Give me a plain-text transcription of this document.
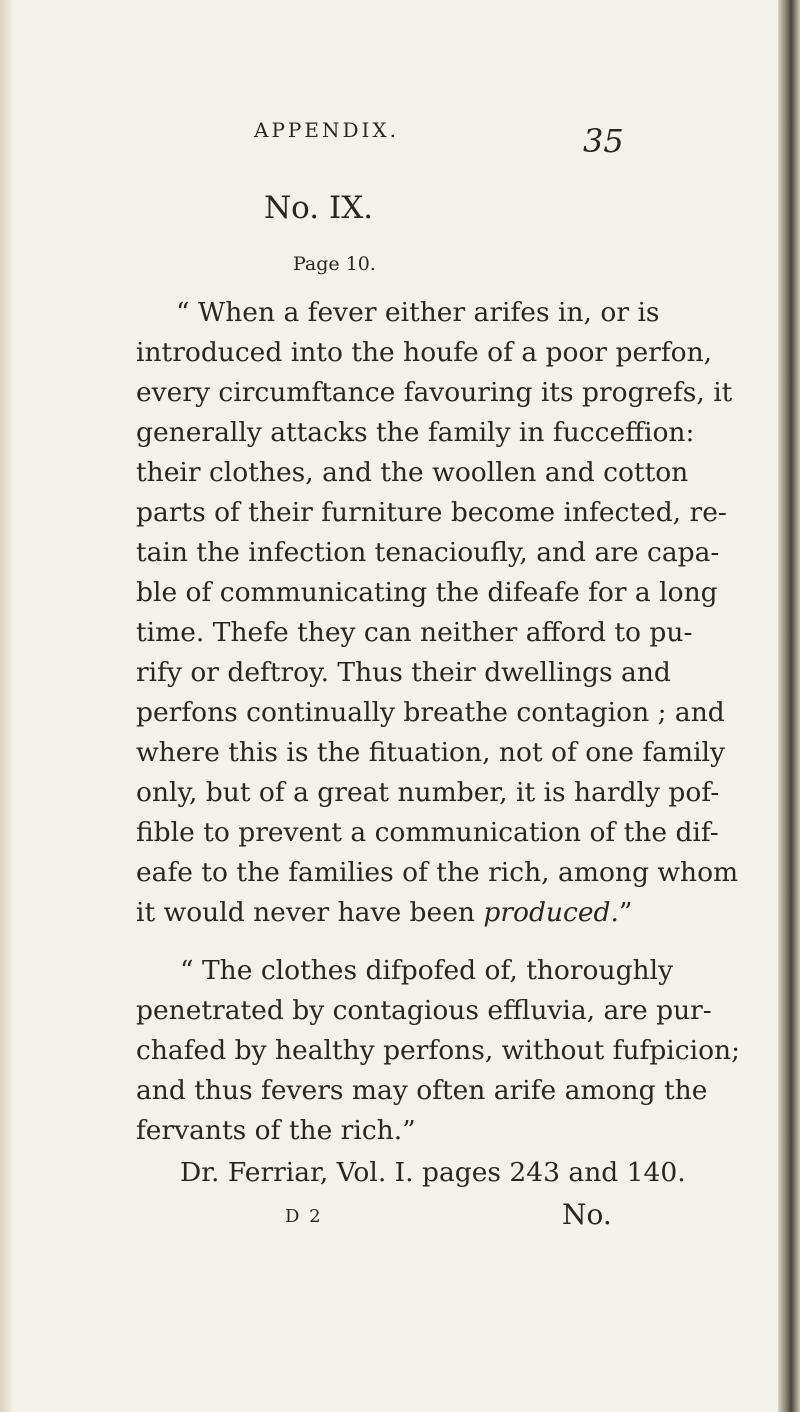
APPENDIX.	35
No. IX.
Page 10.
“ When a fever either arifes in, or is
introduced into the houfe of a poor perfon,
every circumftance favouring its progrefs, it
generally attacks the family in fucceffion:
their clothes, and the woollen and cotton
parts of their furniture become infected, re-
tain the infection tenacioufly, and are capa-
ble of communicating the difeafe for a long
time. Thefe they can neither afford to pu-
rify or deftroy. Thus their dwellings and
perfons continually breathe contagion ; and
where this is the fituation, not of one family
only, but of a great number, it is hardly pof-
fible to prevent a communication of the dif-
eafe to the families of the rich, among whom
it would never have been produced.”
“ The clothes difpofed of, thoroughly
penetrated by contagious effluvia, are pur-
chafed by healthy perfons, without fufpicion;
and thus fevers may often arife among the
fervants of the rich.”
Dr. Ferriar, Vol. I. pages 243 and 140.
D 2	No.
